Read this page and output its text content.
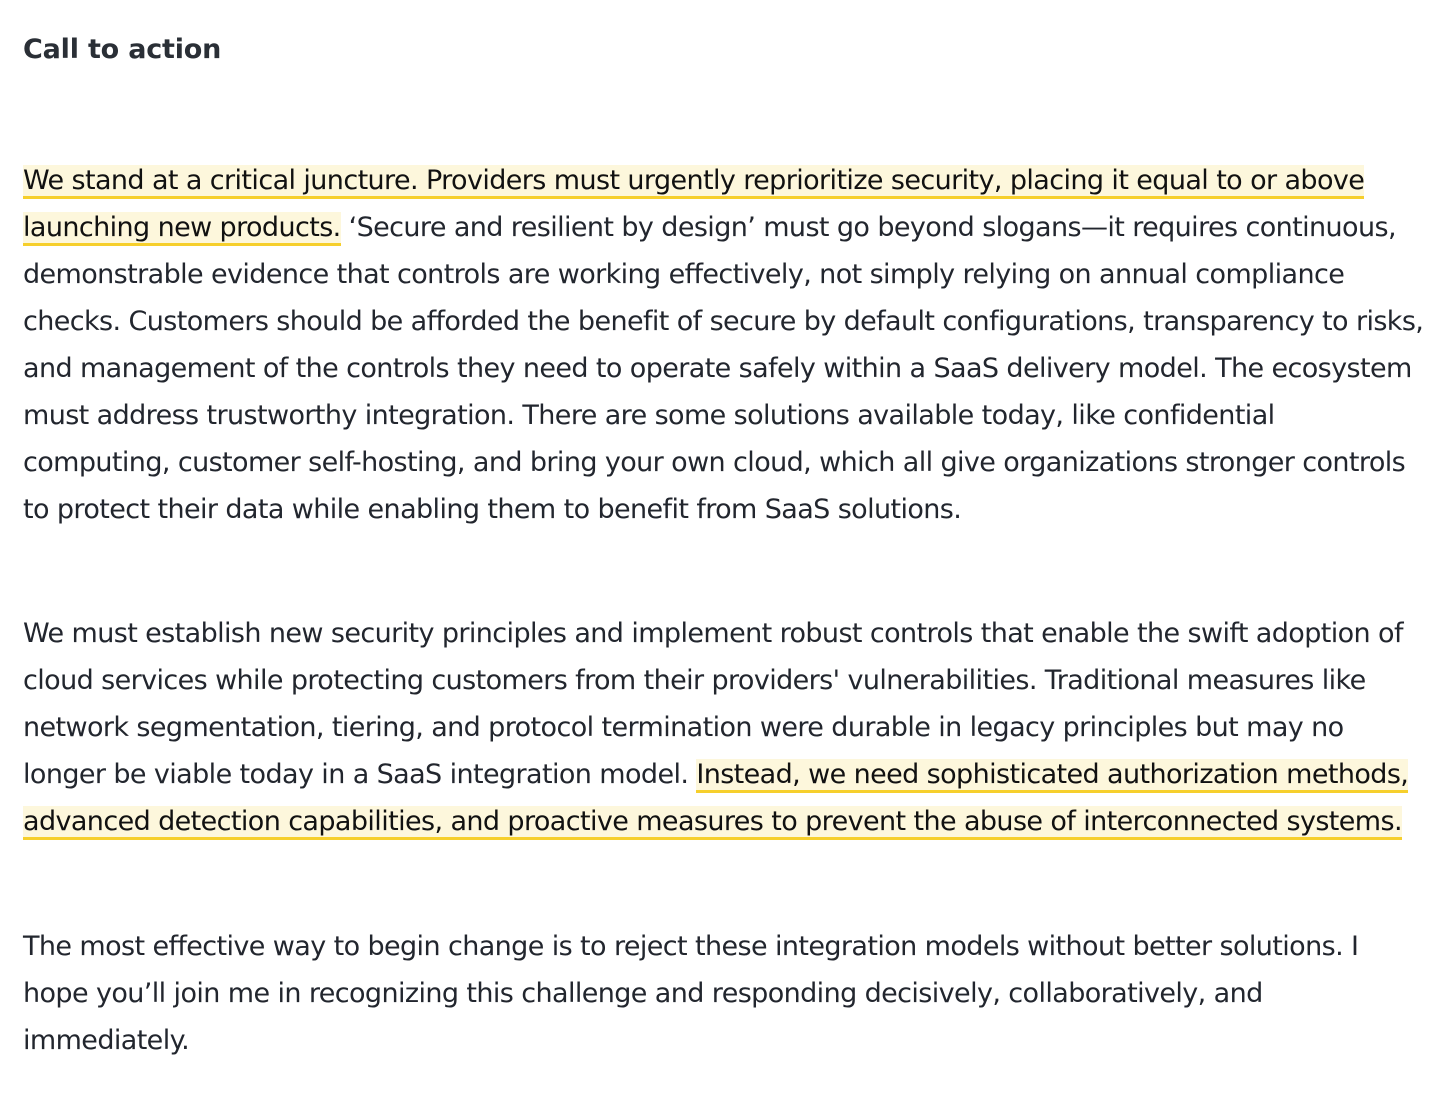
Call to action

We stand at a critical juncture. Providers must urgently reprioritize security, placing it equal to or above
launching new products. ‘Secure and resilient by design’ must go beyond slogans—it requires continuous,
demonstrable evidence that controls are working effectively, not simply relying on annual compliance
checks. Customers should be afforded the benefit of secure by default configurations, transparency to risks,
and management of the controls they need to operate safely within a SaaS delivery model. The ecosystem
must address trustworthy integration. There are some solutions available today, like confidential
computing, customer self-hosting, and bring your own cloud, which all give organizations stronger controls
to protect their data while enabling them to benefit from SaaS solutions.

We must establish new security principles and implement robust controls that enable the swift adoption of
cloud services while protecting customers from their providers' vulnerabilities. Traditional measures like
network segmentation, tiering, and protocol termination were durable in legacy principles but may no
longer be viable today in a SaaS integration model. Instead, we need sophisticated authorization methods,
advanced detection capabilities, and proactive measures to prevent the abuse of interconnected systems.

The most effective way to begin change is to reject these integration models without better solutions. I
hope you’ll join me in recognizing this challenge and responding decisively, collaboratively, and
immediately.
